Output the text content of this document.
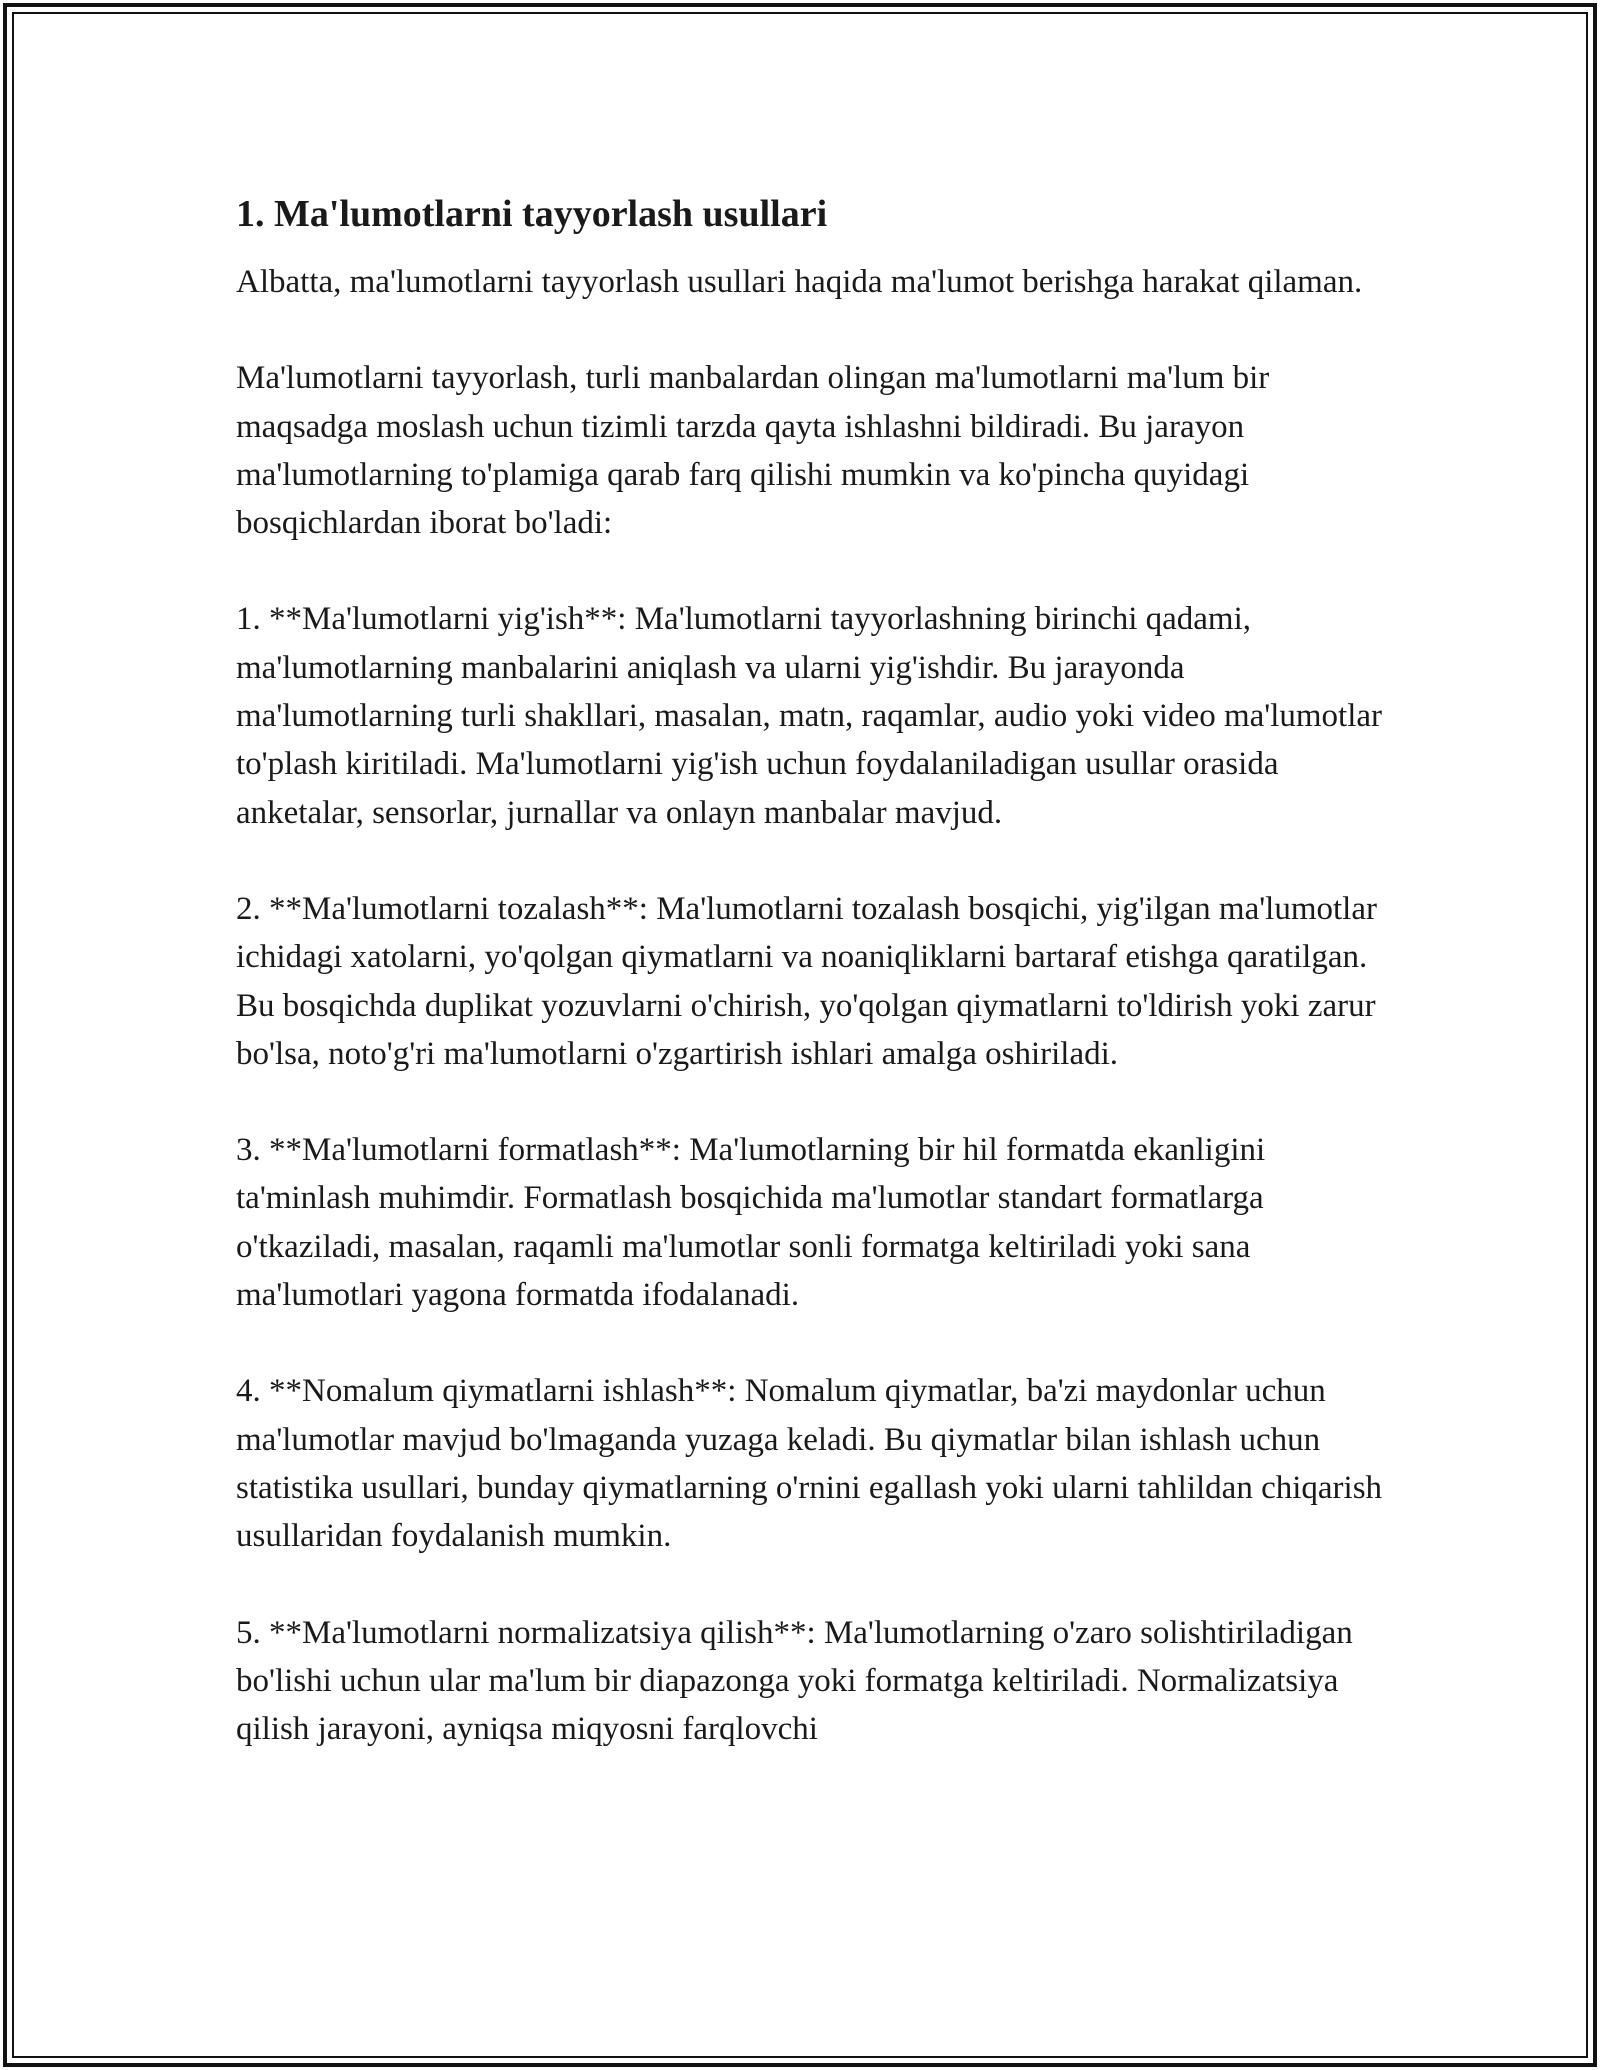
1. Ma'lumotlarni tayyorlash usullari

Albatta, ma'lumotlarni tayyorlash usullari haqida ma'lumot berishga harakat qilaman.

Ma'lumotlarni tayyorlash, turli manbalardan olingan ma'lumotlarni ma'lum bir maqsadga moslash uchun tizimli tarzda qayta ishlashni bildiradi. Bu jarayon ma'lumotlarning to'plamiga qarab farq qilishi mumkin va ko'pincha quyidagi bosqichlardan iborat bo'ladi:

1. **Ma'lumotlarni yig'ish**: Ma'lumotlarni tayyorlashning birinchi qadami, ma'lumotlarning manbalarini aniqlash va ularni yig'ishdir. Bu jarayonda ma'lumotlarning turli shakllari, masalan, matn, raqamlar, audio yoki video ma'lumotlar to'plash kiritiladi. Ma'lumotlarni yig'ish uchun foydalaniladigan usullar orasida anketalar, sensorlar, jurnallar va onlayn manbalar mavjud.

2. **Ma'lumotlarni tozalash**: Ma'lumotlarni tozalash bosqichi, yig'ilgan ma'lumotlar ichidagi xatolarni, yo'qolgan qiymatlarni va noaniqliklarni bartaraf etishga qaratilgan. Bu bosqichda duplikat yozuvlarni o'chirish, yo'qolgan qiymatlarni to'ldirish yoki zarur bo'lsa, noto'g'ri ma'lumotlarni o'zgartirish ishlari amalga oshiriladi.

3. **Ma'lumotlarni formatlash**: Ma'lumotlarning bir hil formatda ekanligini ta'minlash muhimdir. Formatlash bosqichida ma'lumotlar standart formatlarga o'tkaziladi, masalan, raqamli ma'lumotlar sonli formatga keltiriladi yoki sana ma'lumotlari yagona formatda ifodalanadi.

4. **Nomalum qiymatlarni ishlash**: Nomalum qiymatlar, ba'zi maydonlar uchun ma'lumotlar mavjud bo'lmaganda yuzaga keladi. Bu qiymatlar bilan ishlash uchun statistika usullari, bunday qiymatlarning o'rnini egallash yoki ularni tahlildan chiqarish usullaridan foydalanish mumkin.

5. **Ma'lumotlarni normalizatsiya qilish**: Ma'lumotlarning o'zaro solishtiriladigan bo'lishi uchun ular ma'lum bir diapazonga yoki formatga keltiriladi. Normalizatsiya qilish jarayoni, ayniqsa miqyosni farqlovchi
